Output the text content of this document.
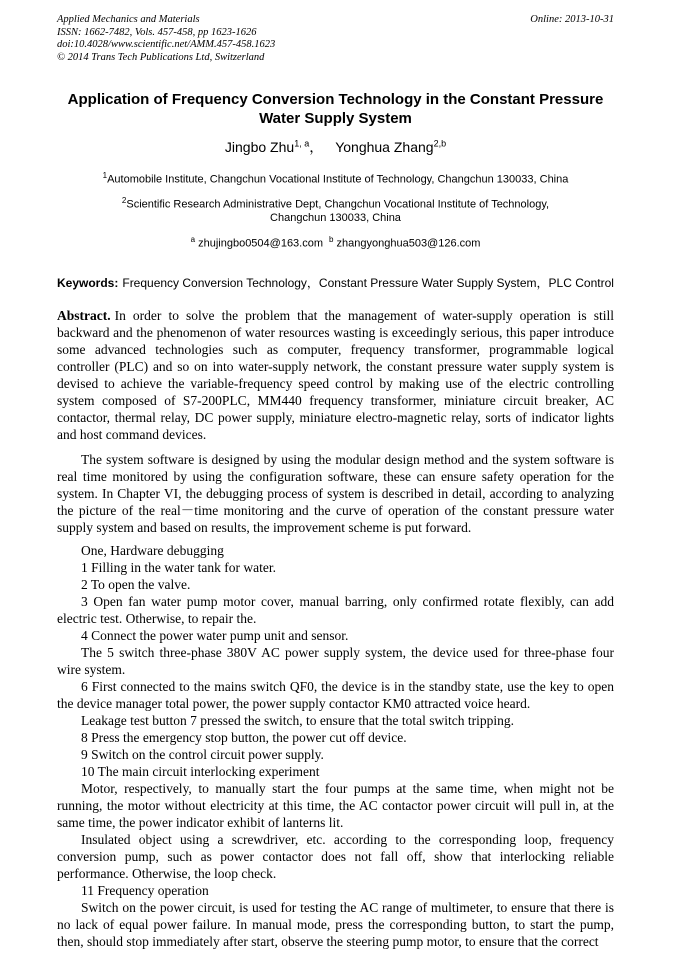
Applied Mechanics and Materials
ISSN: 1662-7482, Vols. 457-458, pp 1623-1626
doi:10.4028/www.scientific.net/AMM.457-458.1623
© 2014 Trans Tech Publications Ltd, Switzerland
Online: 2013-10-31
Application of Frequency Conversion Technology in the Constant Pressure Water Supply System
Jingbo Zhu$^{1, a}$， Yonghua Zhang$^{2,b}$
$^1$Automobile Institute, Changchun Vocational Institute of Technology, Changchun 130033, China
$^2$Scientific Research Administrative Dept, Changchun Vocational Institute of Technology, Changchun 130033, China
$^a$ zhujingbo0504@163.com $^b$ zhangyonghua503@126.com
Keywords: Frequency Conversion Technology，Constant Pressure Water Supply System，PLC Control

Abstract. In order to solve the problem that the management of water-supply operation is still backward and the phenomenon of water resources wasting is exceedingly serious, this paper introduce some advanced technologies such as computer, frequency transformer, programmable logical controller (PLC) and so on into water-supply network, the constant pressure water supply system is devised to achieve the variable-frequency speed control by making use of the electric controlling system composed of S7-200PLC, MM440 frequency transformer, miniature circuit breaker, AC contactor, thermal relay, DC power supply, miniature electro-magnetic relay, sorts of indicator lights and host command devices.

The system software is designed by using the modular design method and the system software is real time monitored by using the configuration software, these can ensure safety operation for the system. In Chapter VI, the debugging process of system is described in detail, according to analyzing the picture of the real－time monitoring and the curve of operation of the constant pressure water supply system and based on results, the improvement scheme is put forward.

One, Hardware debugging

1 Filling in the water tank for water.

2 To open the valve.

3 Open fan water pump motor cover, manual barring, only confirmed rotate flexibly, can add electric test. Otherwise, to repair the.

4 Connect the power water pump unit and sensor.

The 5 switch three-phase 380V AC power supply system, the device used for three-phase four wire system.

6 First connected to the mains switch QF0, the device is in the standby state, use the key to open the device manager total power, the power supply contactor KM0 attracted voice heard.

Leakage test button 7 pressed the switch, to ensure that the total switch tripping.

8 Press the emergency stop button, the power cut off device.

9 Switch on the control circuit power supply.

10 The main circuit interlocking experiment

Motor, respectively, to manually start the four pumps at the same time, when might not be running, the motor without electricity at this time, the AC contactor power circuit will pull in, at the same time, the power indicator exhibit of lanterns lit.

Insulated object using a screwdriver, etc. according to the corresponding loop, frequency conversion pump, such as power contactor does not fall off, show that interlocking reliable performance. Otherwise, the loop check.

11 Frequency operation

Switch on the power circuit, is used for testing the AC range of multimeter, to ensure that there is no lack of equal power failure. In manual mode, press the corresponding button, to start the pump, then, should stop immediately after start, observe the steering pump motor, to ensure that the correct
